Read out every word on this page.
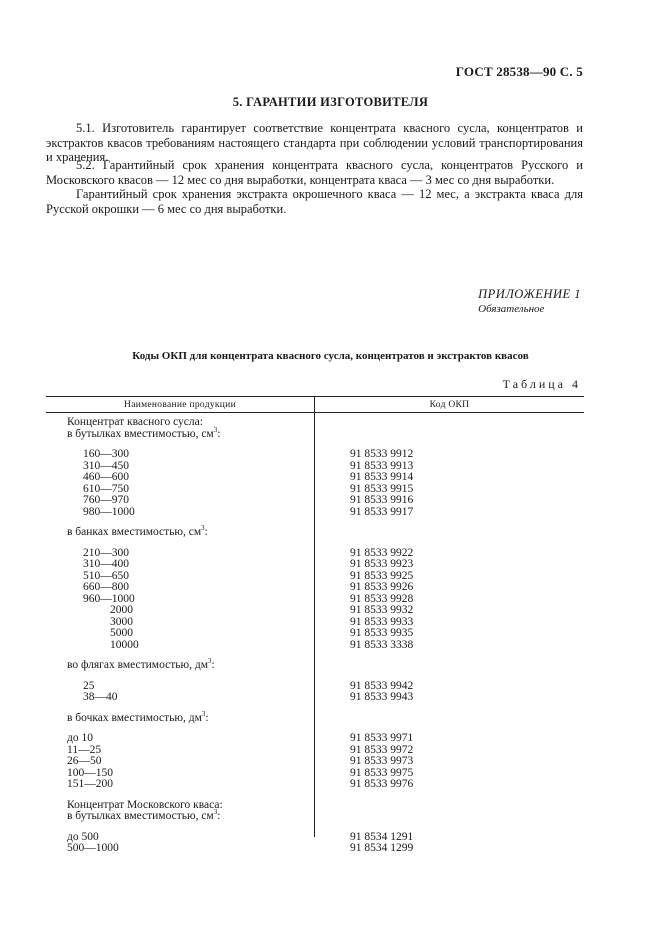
ГОСТ 28538—90 С. 5
5. ГАРАНТИИ ИЗГОТОВИТЕЛЯ

5.1. Изготовитель гарантирует соответствие концентрата квасного сусла, концентратов и экстрактов квасов требованиям настоящего стандарта при соблюдении условий транспортирования и хранения.

5.2. Гарантийный срок хранения концентрата квасного сусла, концентратов Русского и Московского квасов — 12 мес со дня выработки, концентрата кваса — 3 мес со дня выработки.

Гарантийный срок хранения экстракта окрошечного кваса — 12 мес, а экстракта кваса для Русской окрошки — 6 мес со дня выработки.

ПРИЛОЖЕНИЕ 1
Обязательное
Коды ОКП для концентрата квасного сусла, концентратов и экстрактов квасов
Таблица 4
Наименование продукции	Код ОКП
Концентрат квасного сусла:
в бутылках вместимостью, $см^3$:
160—300
310—450
460—600
610—750
760—970
980—1000
в банках вместимостью, $см^3$:
210—300
310—400
510—650
660—800
960—1000
2000
3000
5000
10000
во флягах вместимостью, $дм^3$:
25
38—40
в бочках вместимостью, $дм^3$:
до 10
11—25
26—50
100—150
151—200
Концентрат Московского кваса:
в бутылках вместимостью, $см^3$:
до 500
500—1000
91 8533 9912
91 8533 9913
91 8533 9914
91 8533 9915
91 8533 9916
91 8533 9917
91 8533 9922
91 8533 9923
91 8533 9925
91 8533 9926
91 8533 9928
91 8533 9932
91 8533 9933
91 8533 9935
91 8533 3338
91 8533 9942
91 8533 9943
91 8533 9971
91 8533 9972
91 8533 9973
91 8533 9975
91 8533 9976
91 8534 1291
91 8534 1299
